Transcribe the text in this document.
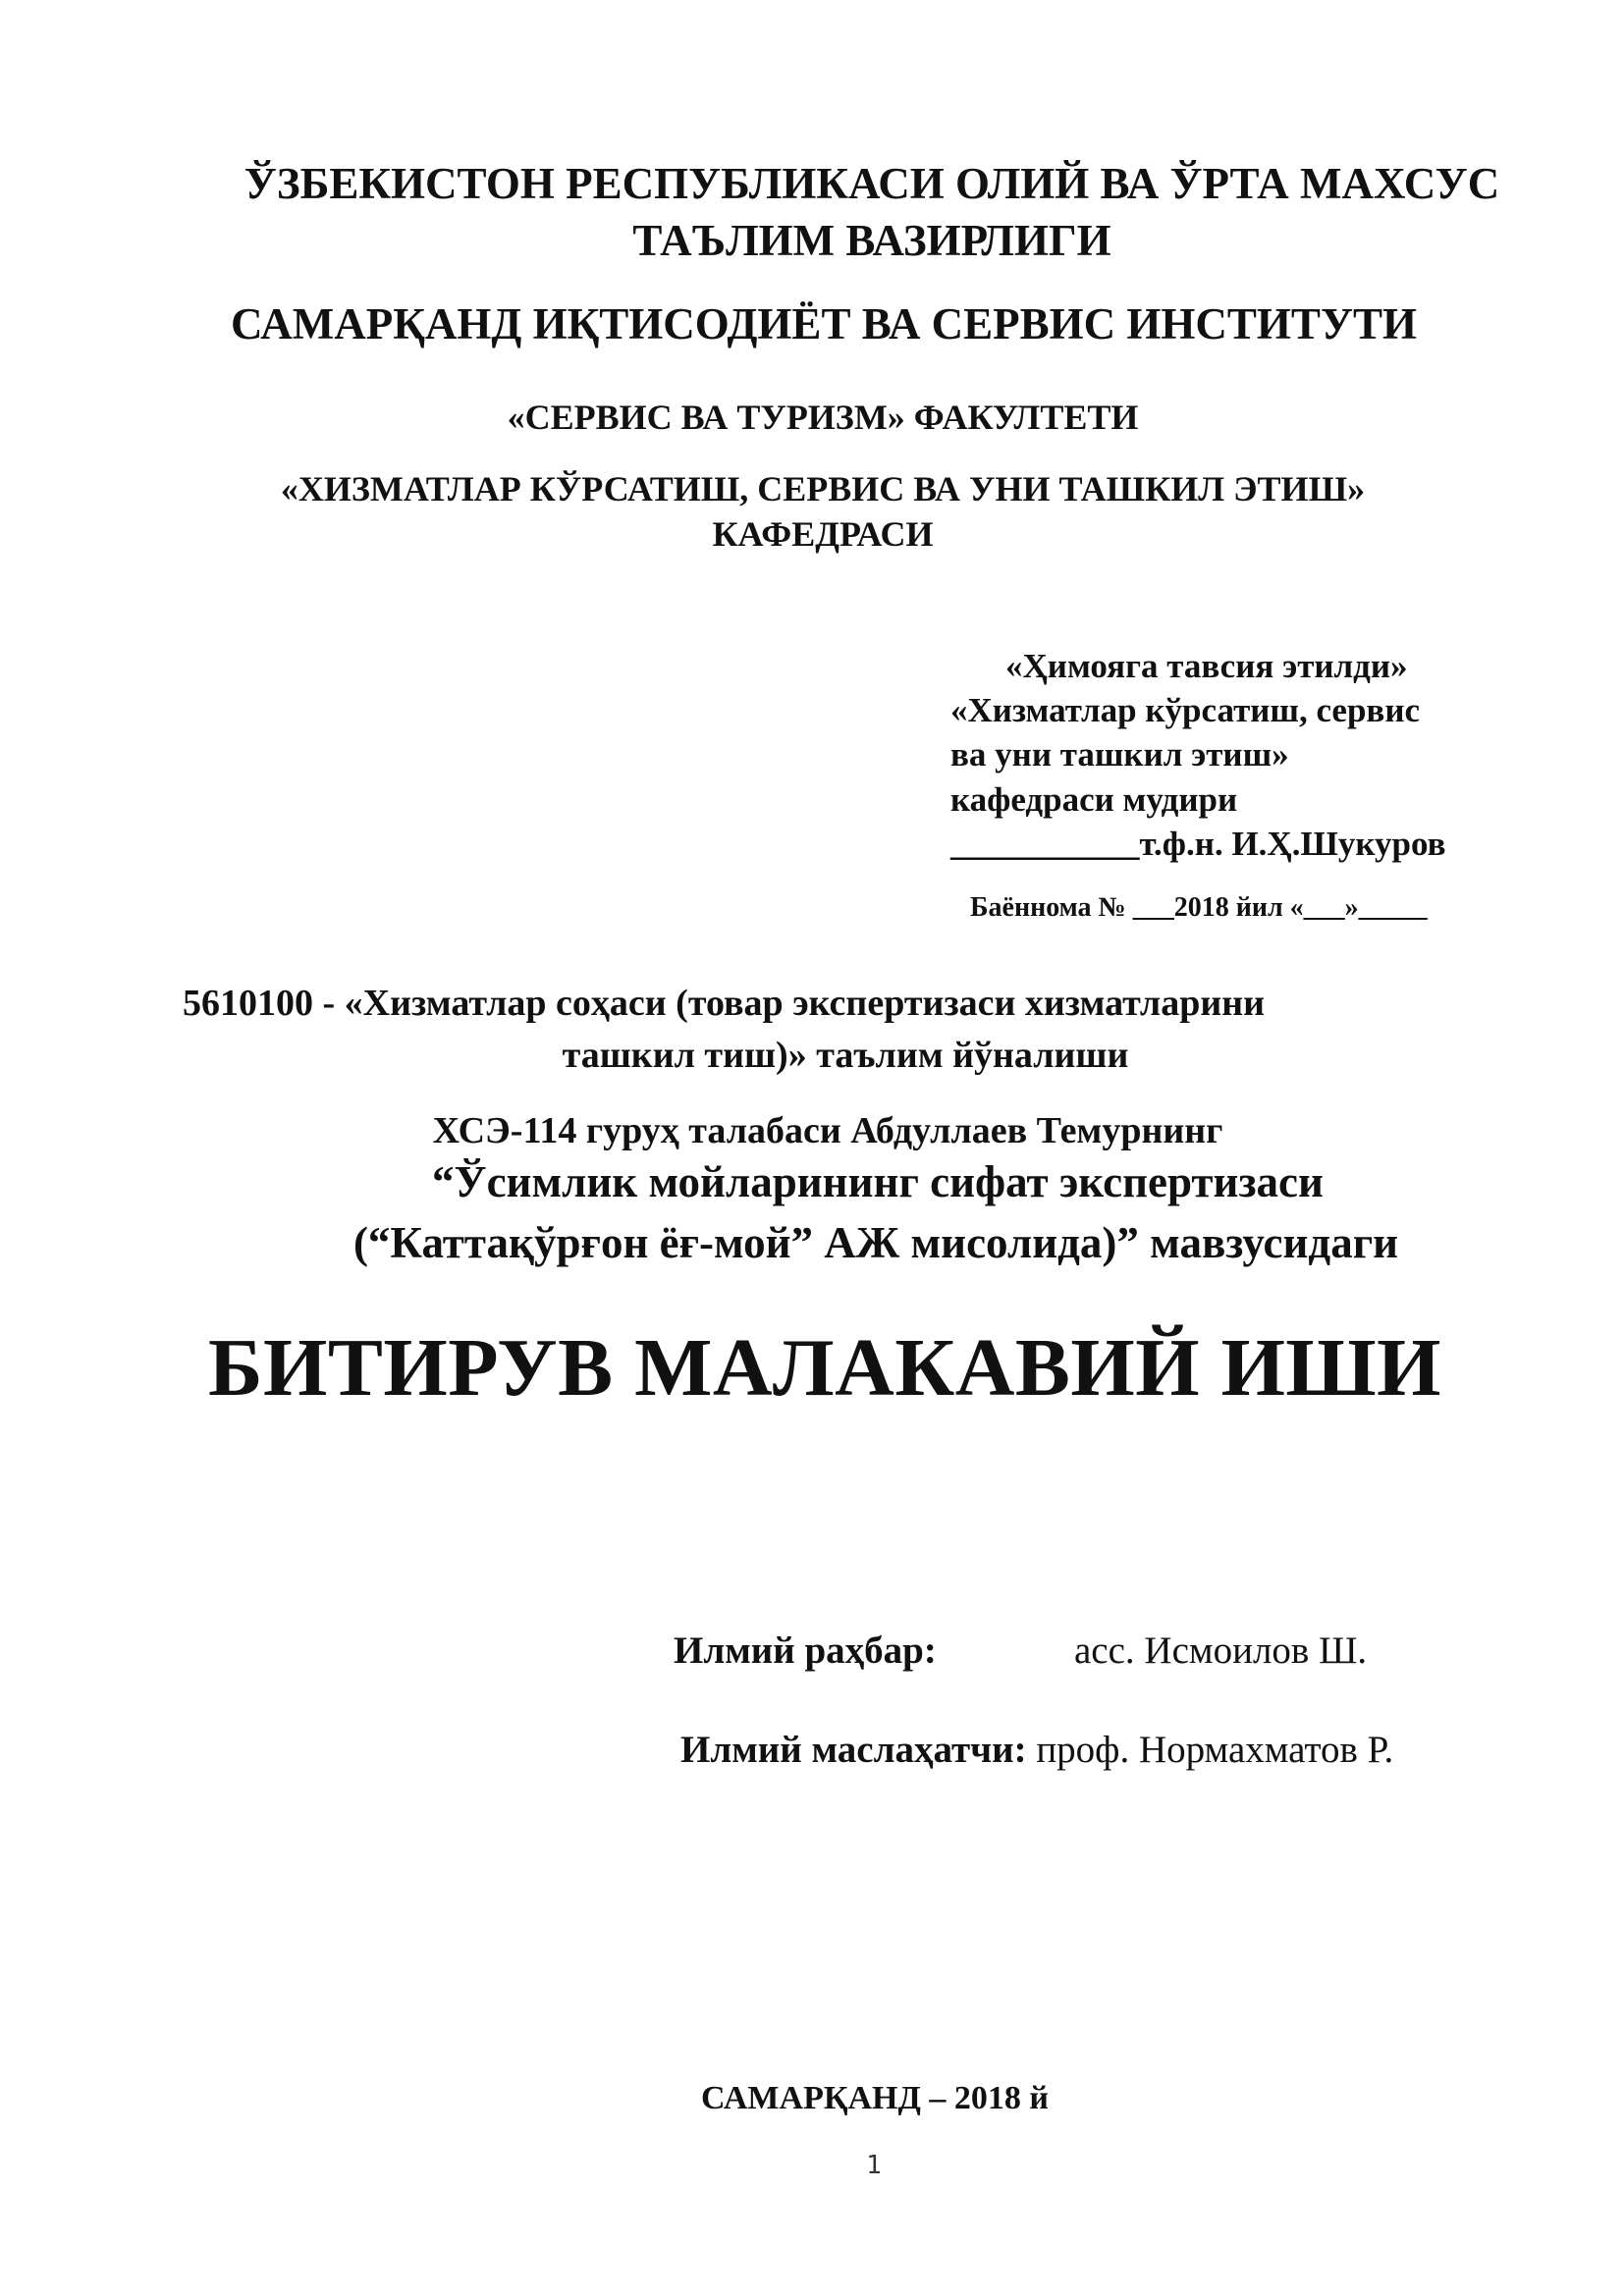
ЎЗБЕКИСТОН РЕСПУБЛИКАСИ ОЛИЙ ВА ЎРТА МАХСУС
ТАЪЛИМ ВАЗИРЛИГИ
САМАРҚАНД ИҚТИСОДИЁТ ВА СЕРВИС ИНСТИТУТИ
«СЕРВИС ВА ТУРИЗМ» ФАКУЛТЕТИ
«ХИЗМАТЛАР КЎРСАТИШ, СЕРВИС ВА УНИ ТАШКИЛ ЭТИШ»
КАФЕДРАСИ
«Ҳимояга тавсия этилди»
«Хизматлар кўрсатиш, сервис
ва уни ташкил этиш»
кафедраси мудири
___________т.ф.н. И.Ҳ.Шукуров
Баённома № ___2018 йил «___»_____
5610100 - «Хизматлар соҳаси (товар экспертизаси хизматларини
ташкил тиш)» таълим йўналиши
ХСЭ-114 гуруҳ талабаси Абдуллаев Темурнинг
“Ўсимлик мойларининг сифат экспертизаси
(“Каттақўрғон ёғ-мой” АЖ мисолида)” мавзусидаги
БИТИРУВ МАЛАКАВИЙ ИШИ
Илмий раҳбар:	асс. Исмоилов Ш.
Илмий маслаҳатчи: проф. Нормахматов Р.
САМАРҚАНД – 2018 й
1
